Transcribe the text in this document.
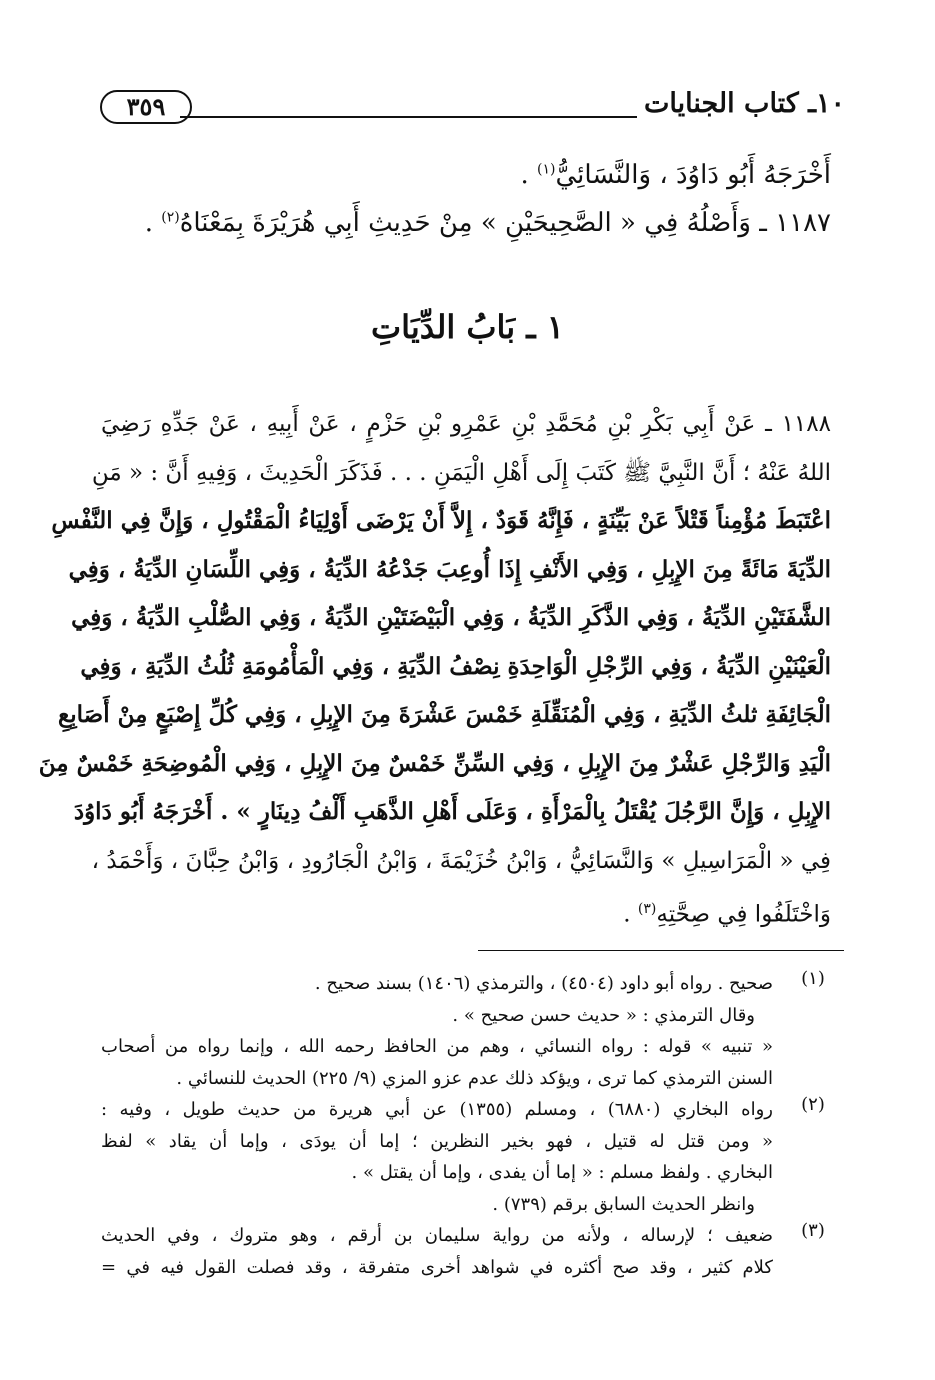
١٠ـ كتاب الجنايات
٣٥٩
أَخْرَجَهُ أَبُو دَاوُدَ ، وَالنَّسَائِيُّ$^{(١)}$ .
١١٨٧ ـ وَأَصْلُهُ فِي « الصَّحِيحَيْنِ » مِنْ حَدِيثِ أَبِي هُرَيْرَةَ بِمَعْنَاهُ$^{(٢)}$ .
١ ـ بَابُ الدِّيَاتِ
١١٨٨ ـ عَنْ أَبِي بَكْرِ بْنِ مُحَمَّدِ بْنِ عَمْرِو بْنِ حَزْمٍ ، عَنْ أَبِيهِ ، عَنْ جَدِّهِ رَضِيَ
اللهُ عَنْهُ ؛ أَنَّ النَّبِيَّ ﷺ كَتَبَ إِلَى أَهْلِ الْيَمَنِ . . . فَذَكَرَ الْحَدِيثَ ، وَفِيهِ أَنَّ : « مَنِ
اعْتَبَطَ مُؤْمِناً قَتْلاً عَنْ بَيِّنَةٍ ، فَإِنَّهُ قَوَدٌ ، إِلاَّ أَنْ يَرْضَى أَوْلِيَاءُ الْمَقْتُولِ ، وَإِنَّ فِي النَّفْسِ
الدِّيَةَ مَائَةً مِنَ الإِبِلِ ، وَفِي الأَنْفِ إِذَا أُوعِبَ جَدْعُهُ الدِّيَةُ ، وَفِي اللِّسَانِ الدِّيَةُ ، وَفِي
الشَّفَتَيْنِ الدِّيَةُ ، وَفِي الذَّكَرِ الدِّيَةُ ، وَفِي الْبَيْضَتَيْنِ الدِّيَةُ ، وَفِي الصُّلْبِ الدِّيَةُ ، وَفِي
الْعَيْنَيْنِ الدِّيَةُ ، وَفِي الرِّجْلِ الْوَاحِدَةِ نِصْفُ الدِّيَةِ ، وَفِي الْمَأْمُومَةِ ثُلُثُ الدِّيَةِ ، وَفِي
الْجَائِفَةِ ثلثُ الدِّيَةِ ، وَفِي الْمُنَقِّلَةِ خَمْسَ عَشْرَةَ مِنَ الإِبِلِ ، وَفِي كُلِّ إِصْبَعٍ مِنْ أَصَابِعِ
الْيَدِ وَالرِّجْلِ عَشْرٌ مِنَ الإِبِلِ ، وَفِي السِّنِّ خَمْسٌ مِنَ الإِبِلِ ، وَفِي الْمُوضِحَةِ خَمْسٌ مِنَ
الإِبِلِ ، وَإِنَّ الرَّجُلَ يُقْتَلُ بِالْمَرْأَةِ ، وَعَلَى أَهْلِ الذَّهَبِ أَلْفُ دِينَارٍ » . أَخْرَجَهُ أَبُو دَاوُدَ
فِي « الْمَرَاسِيلِ » وَالنَّسَائِيُّ ، وَابْنُ خُزَيْمَةَ ، وَابْنُ الْجَارُودِ ، وَابْنُ حِبَّانَ ، وَأَحْمَدُ ،
وَاخْتَلَفُوا فِي صِحَّتِهِ$^{(٣)}$ .
(١)
صحيح . رواه أبو داود (٤٥٠٤) ، والترمذي (١٤٠٦) بسند صحيح .
وقال الترمذي : « حديث حسن صحيح » .
« تنبيه » قوله : رواه النسائي ، وهم من الحافظ رحمه الله ، وإنما رواه من أصحاب
السنن الترمذي كما ترى ، ويؤكد ذلك عدم عزو المزي (٩/ ٢٢٥) الحديث للنسائي .
(٢)
رواه البخاري (٦٨٨٠) ، ومسلم (١٣٥٥) عن أبي هريرة من حديث طويل ، وفيه :
« ومن قتل له قتيل ، فهو بخير النظرين ؛ إما أن يودَى ، وإما أن يقاد » لفظ
البخاري . ولفظ مسلم : « إما أن يفدى ، وإما أن يقتل » .
وانظر الحديث السابق برقم (٧٣٩) .
(٣)
ضعيف ؛ لإرساله ، ولأنه من رواية سليمان بن أرقم ، وهو متروك ، وفي الحديث
كلام كثير ، وقد صح أكثره في شواهد أخرى متفرقة ، وقد فصلت القول فيه في =
